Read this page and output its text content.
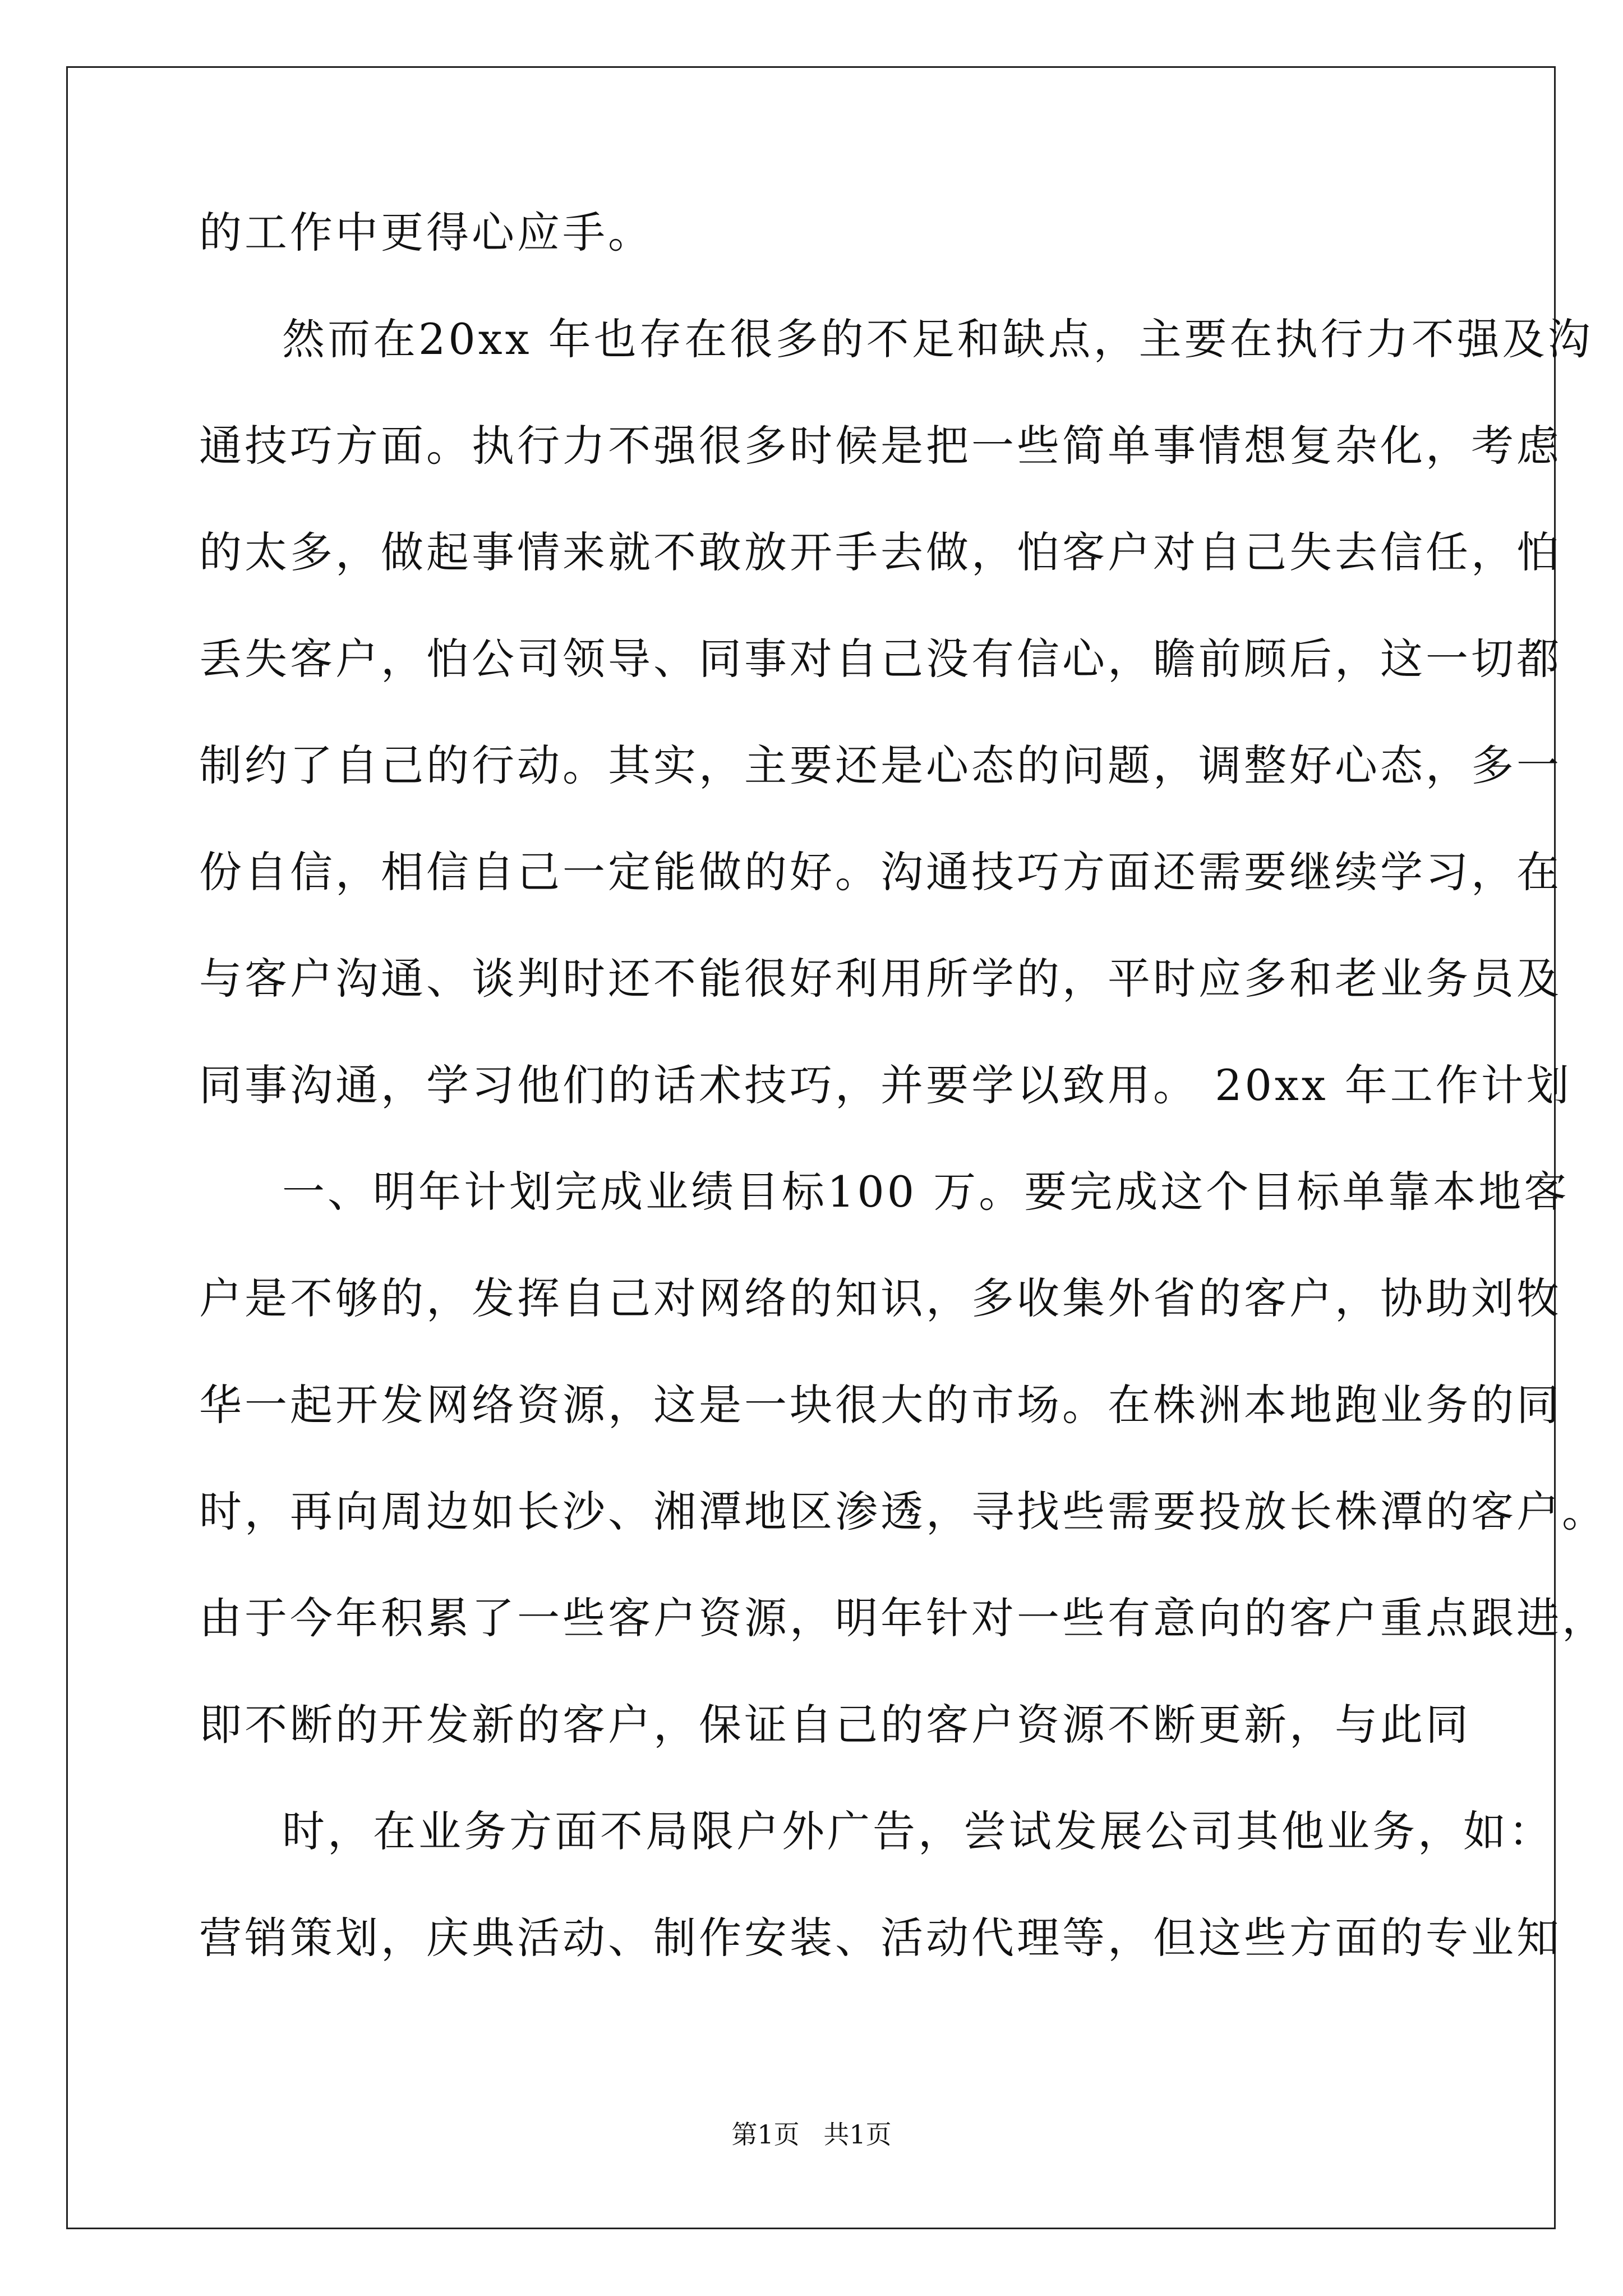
的工作中更得心应手。
然而在20xx 年也存在很多的不足和缺点，主要在执行力不强及沟
通技巧方面。执行力不强很多时候是把一些简单事情想复杂化，考虑
的太多，做起事情来就不敢放开手去做，怕客户对自己失去信任，怕
丢失客户，怕公司领导、同事对自己没有信心，瞻前顾后，这一切都
制约了自己的行动。其实，主要还是心态的问题，调整好心态，多一
份自信，相信自己一定能做的好。沟通技巧方面还需要继续学习，在
与客户沟通、谈判时还不能很好利用所学的，平时应多和老业务员及
同事沟通，学习他们的话术技巧，并要学以致用。 20xx 年工作计划
一、明年计划完成业绩目标100 万。要完成这个目标单靠本地客
户是不够的，发挥自己对网络的知识，多收集外省的客户，协助刘牧
华一起开发网络资源，这是一块很大的市场。在株洲本地跑业务的同
时，再向周边如长沙、湘潭地区渗透，寻找些需要投放长株潭的客户。
由于今年积累了一些客户资源，明年针对一些有意向的客户重点跟进，
即不断的开发新的客户，保证自己的客户资源不断更新，与此同
时，在业务方面不局限户外广告，尝试发展公司其他业务，如：
营销策划，庆典活动、制作安装、活动代理等，但这些方面的专业知
第1页 共1页
